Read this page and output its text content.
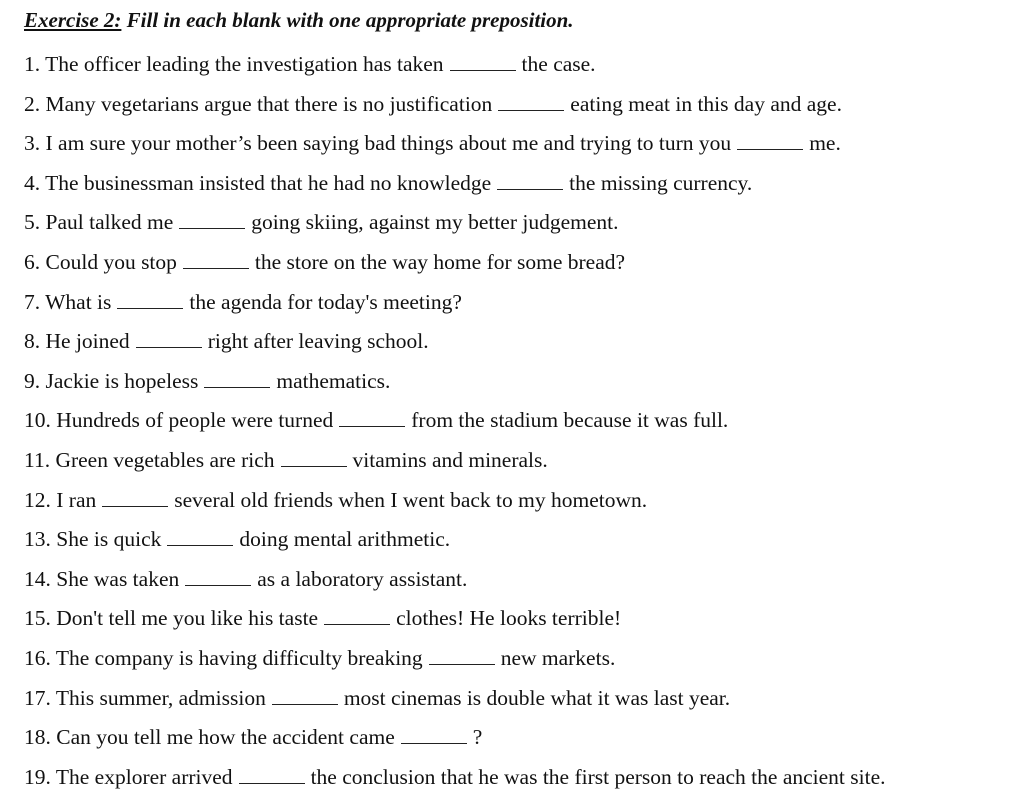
Exercise 2: Fill in each blank with one appropriate preposition.
1. The officer leading the investigation has taken	the case.
2. Many vegetarians argue that there is no justification	eating meat in this day and age.
3. I am sure your mother’s been saying bad things about me and trying to turn you	me.
4. The businessman insisted that he had no knowledge	the missing currency.
5. Paul talked me	going skiing, against my better judgement.
6. Could you stop	the store on the way home for some bread?
7. What is	the agenda for today's meeting?
8. He joined	right after leaving school.
9. Jackie is hopeless	mathematics.
10. Hundreds of people were turned	from the stadium because it was full.
11. Green vegetables are rich	vitamins and minerals.
12. I ran	several old friends when I went back to my hometown.
13. She is quick	doing mental arithmetic.
14. She was taken	as a laboratory assistant.
15. Don't tell me you like his taste	clothes! He looks terrible!
16. The company is having difficulty breaking	new markets.
17. This summer, admission	most cinemas is double what it was last year.
18. Can you tell me how the accident came	?
19. The explorer arrived	the conclusion that he was the first person to reach the ancient site.
